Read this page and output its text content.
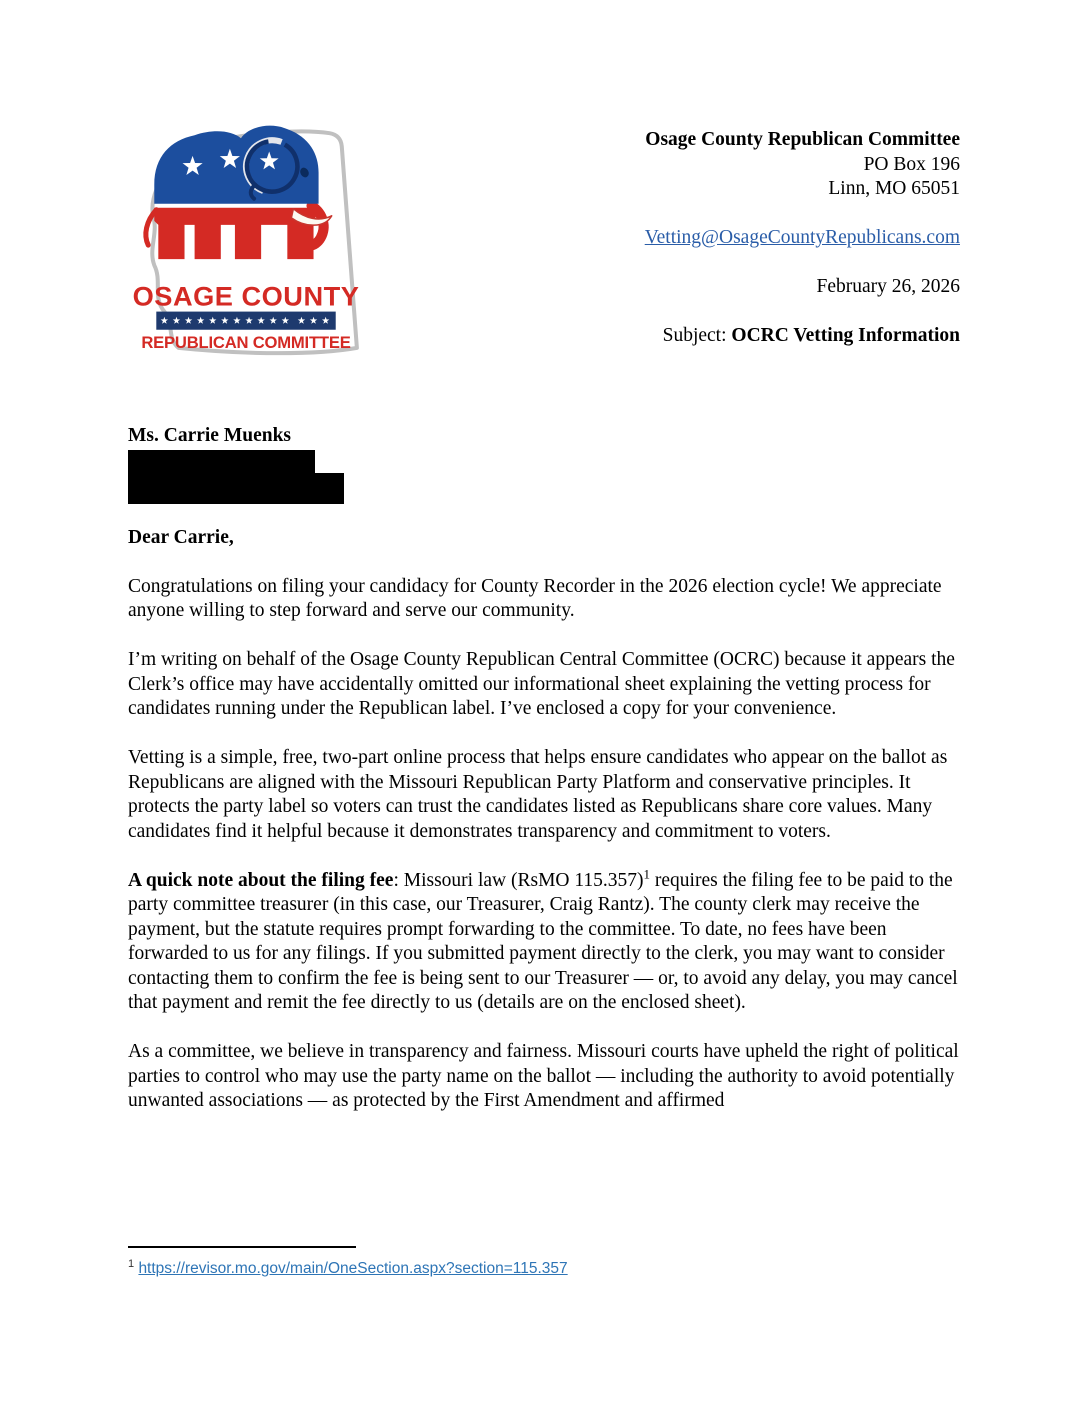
OSAGE COUNTY
REPUBLICAN COMMITTEE
Osage County Republican Committee
PO Box 196
Linn, MO 65051
Vetting@OsageCountyRepublicans.com
February 26, 2026
Subject: OCRC Vetting Information
Ms. Carrie Muenks
Dear Carrie,

Congratulations on filing your candidacy for County Recorder in the 2026 election cycle! We appreciate anyone willing to step forward and serve our community.

I’m writing on behalf of the Osage County Republican Central Committee (OCRC) because it appears the Clerk’s office may have accidentally omitted our informational sheet explaining the vetting process for candidates running under the Republican label. I’ve enclosed a copy for your convenience.

Vetting is a simple, free, two-part online process that helps ensure candidates who appear on the ballot as Republicans are aligned with the Missouri Republican Party Platform and conservative principles. It protects the party label so voters can trust the candidates listed as Republicans share core values. Many candidates find it helpful because it demonstrates transparency and commitment to voters.

A quick note about the filing fee: Missouri law (RsMO 115.357)$^1$ requires the filing fee to be paid to the party committee treasurer (in this case, our Treasurer, Craig Rantz). The county clerk may receive the payment, but the statute requires prompt forwarding to the committee. To date, no fees have been forwarded to us for any filings. If you submitted payment directly to the clerk, you may want to consider contacting them to confirm the fee is being sent to our Treasurer — or, to avoid any delay, you may cancel that payment and remit the fee directly to us (details are on the enclosed sheet).

As a committee, we believe in transparency and fairness. Missouri courts have upheld the right of political parties to control who may use the party name on the ballot — including the authority to avoid potentially unwanted associations — as protected by the First Amendment and affirmed

$^1$ https://revisor.mo.gov/main/OneSection.aspx?section=115.357
